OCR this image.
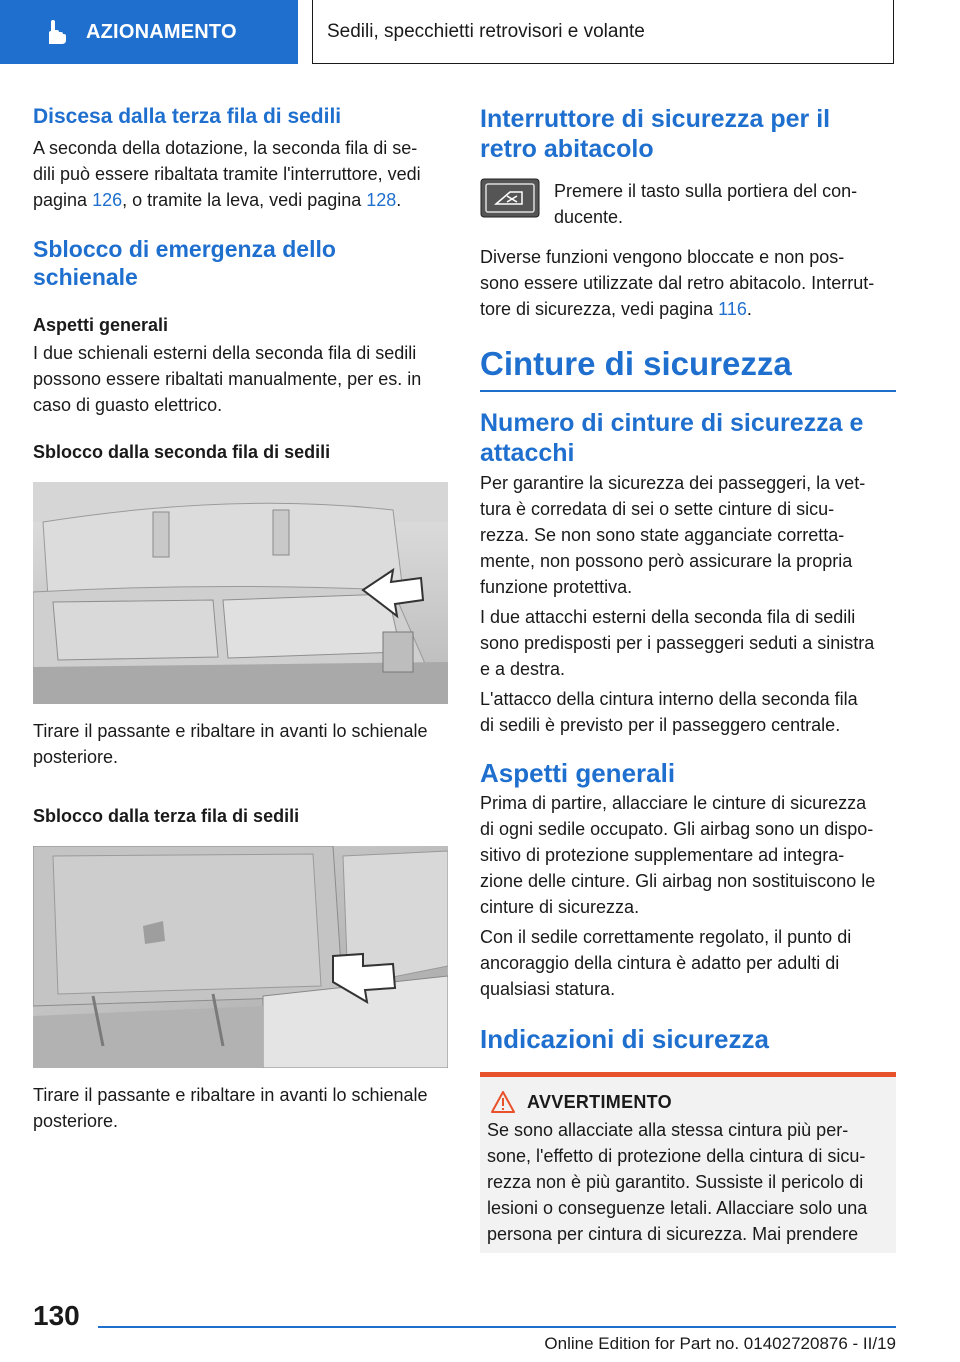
AZIONAMENTO	Sedili, specchietti retrovisori e volante
Discesa dalla terza fila di sedili

A seconda della dotazione, la seconda fila di se-
dili può essere ribaltata tramite l'interruttore, vedi
pagina 126, o tramite la leva, vedi pagina 128.

Sblocco di emergenza dello
schienale
Aspetti generali

I due schienali esterni della seconda fila di sedili
possono essere ribaltati manualmente, per es. in
caso di guasto elettrico.

Sblocco dalla seconda fila di sedili

Tirare il passante e ribaltare in avanti lo schienale
posteriore.

Sblocco dalla terza fila di sedili

Tirare il passante e ribaltare in avanti lo schienale
posteriore.

Interruttore di sicurezza per il
retro abitacolo

Premere il tasto sulla portiera del con-
ducente.

Diverse funzioni vengono bloccate e non pos-
sono essere utilizzate dal retro abitacolo. Interrut-
tore di sicurezza, vedi pagina 116.

Cinture di sicurezza
Numero di cinture di sicurezza e
attacchi

Per garantire la sicurezza dei passeggeri, la vet-
tura è corredata di sei o sette cinture di sicu-
rezza. Se non sono state agganciate corretta-
mente, non possono però assicurare la propria
funzione protettiva.

I due attacchi esterni della seconda fila di sedili
sono predisposti per i passeggeri seduti a sinistra
e a destra.

L'attacco della cintura interno della seconda fila
di sedili è previsto per il passeggero centrale.

Aspetti generali

Prima di partire, allacciare le cinture di sicurezza
di ogni sedile occupato. Gli airbag sono un dispo-
sitivo di protezione supplementare ad integra-
zione delle cinture. Gli airbag non sostituiscono le
cinture di sicurezza.

Con il sedile correttamente regolato, il punto di
ancoraggio della cintura è adatto per adulti di
qualsiasi statura.

Indicazioni di sicurezza
AVVERTIMENTO

Se sono allacciate alla stessa cintura più per-
sone, l'effetto di protezione della cintura di sicu-
rezza non è più garantito. Sussiste il pericolo di
lesioni o conseguenze letali. Allacciare solo una
persona per cintura di sicurezza. Mai prendere

130
Online Edition for Part no. 01402720876 - II/19
